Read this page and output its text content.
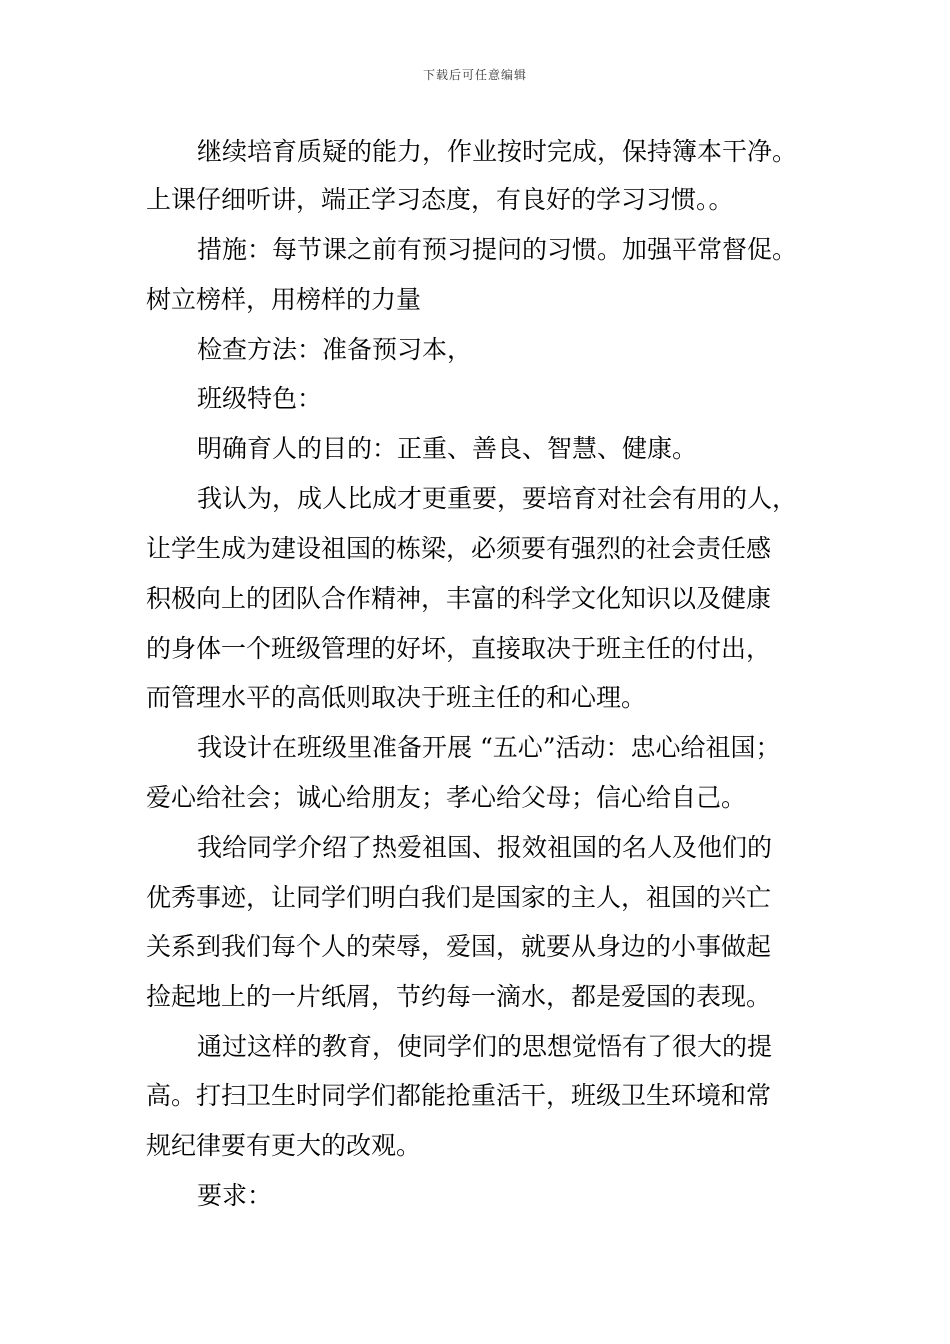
下载后可任意编辑
继续培育质疑的能力，作业按时完成，保持簿本干净。
上课仔细听讲，端正学习态度，有良好的学习习惯。。
措施：每节课之前有预习提问的习惯。加强平常督促。
树立榜样，用榜样的力量
检查方法：准备预习本，
班级特色：
明确育人的目的：正重、善良、智慧、健康。
我认为，成人比成才更重要，要培育对社会有用的人，
让学生成为建设祖国的栋梁，必须要有强烈的社会责任感
积极向上的团队合作精神，丰富的科学文化知识以及健康
的身体一个班级管理的好坏，直接取决于班主任的付出，
而管理水平的高低则取决于班主任的和心理。
我设计在班级里准备开展 “五心”活动：忠心给祖国；
爱心给社会；诚心给朋友；孝心给父母；信心给自己。
我给同学介绍了热爱祖国、报效祖国的名人及他们的
优秀事迹，让同学们明白我们是国家的主人，祖国的兴亡
关系到我们每个人的荣辱，爱国，就要从身边的小事做起
捡起地上的一片纸屑，节约每一滴水，都是爱国的表现。
通过这样的教育，使同学们的思想觉悟有了很大的提
高。打扫卫生时同学们都能抢重活干，班级卫生环境和常
规纪律要有更大的改观。
要求：
